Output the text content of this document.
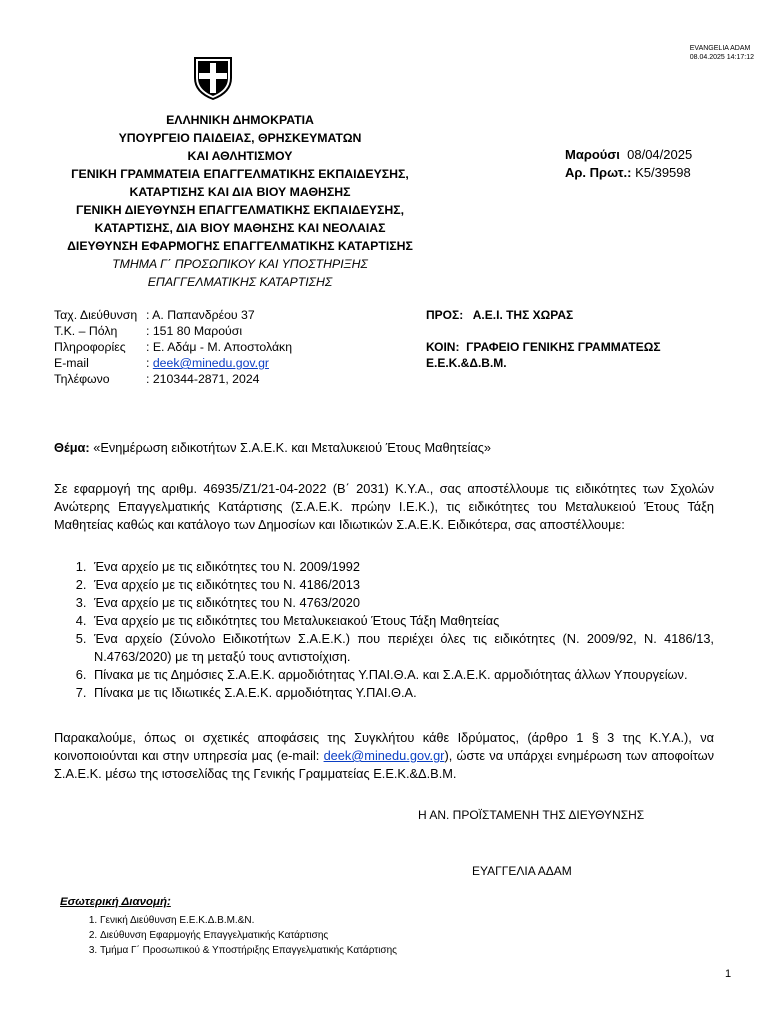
EVANGELIA ADAM
08.04.2025 14:17:12
ΕΛΛΗΝΙΚΗ ΔΗΜΟΚΡΑΤΙΑ
ΥΠΟΥΡΓΕΙΟ ΠΑΙΔΕΙΑΣ, ΘΡΗΣΚΕΥΜΑΤΩΝ
ΚΑΙ ΑΘΛΗΤΙΣΜΟΥ
ΓΕΝΙΚΗ ΓΡΑΜΜΑΤΕΙΑ ΕΠΑΓΓΕΛΜΑΤΙΚΗΣ ΕΚΠΑΙΔΕΥΣΗΣ,
ΚΑΤΑΡΤΙΣΗΣ ΚΑΙ ΔΙΑ ΒΙΟΥ ΜΑΘΗΣΗΣ
ΓΕΝΙΚΗ ΔΙΕΥΘΥΝΣΗ ΕΠΑΓΓΕΛΜΑΤΙΚΗΣ ΕΚΠΑΙΔΕΥΣΗΣ,
ΚΑΤΑΡΤΙΣΗΣ, ΔΙΑ ΒΙΟΥ ΜΑΘΗΣΗΣ ΚΑΙ ΝΕΟΛΑΙΑΣ
ΔΙΕΥΘΥΝΣΗ ΕΦΑΡΜΟΓΗΣ ΕΠΑΓΓΕΛΜΑΤΙΚΗΣ ΚΑΤΑΡΤΙΣΗΣ
ΤΜΗΜΑ Γ΄ ΠΡΟΣΩΠΙΚΟΥ ΚΑΙ ΥΠΟΣΤΗΡΙΞΗΣ
ΕΠΑΓΓΕΛΜΑΤΙΚΗΣ ΚΑΤΑΡΤΙΣΗΣ
Μαρούσι 08/04/2025
Αρ. Πρωτ.: Κ5/39598
Ταχ. Διεύθυνση : Α. Παπανδρέου 37
Τ.Κ. – Πόλη	: 151 80 Μαρούσι
Πληροφορίες	: Ε. Αδάμ - Μ. Αποστολάκη
E-mail	: deek@minedu.gov.gr
Τηλέφωνο	: 210344-2871, 2024
ΠΡΟΣ: Α.Ε.Ι. ΤΗΣ ΧΩΡΑΣ
ΚΟΙΝ: ΓΡΑΦΕΙΟ ΓΕΝΙΚΗΣ ΓΡΑΜΜΑΤΕΩΣ
Ε.Ε.Κ.&Δ.Β.Μ.
Θέμα: «Ενημέρωση ειδικοτήτων Σ.Α.Ε.Κ. και Μεταλυκειού Έτους Μαθητείας»
Σε εφαρμογή της αριθμ. 46935/Ζ1/21-04-2022 (Β΄ 2031) Κ.Υ.Α., σας αποστέλλουμε τις ειδικότητες των Σχολών Ανώτερης Επαγγελματικής Κατάρτισης (Σ.Α.Ε.Κ. πρώην Ι.Ε.Κ.), τις ειδικότητες του Μεταλυκειού Έτους Τάξη Μαθητείας καθώς και κατάλογο των Δημοσίων και Ιδιωτικών Σ.Α.Ε.Κ. Ειδικότερα, σας αποστέλλουμε:
1. Ένα αρχείο με τις ειδικότητες του Ν. 2009/1992
2. Ένα αρχείο με τις ειδικότητες του Ν. 4186/2013
3. Ένα αρχείο με τις ειδικότητες του Ν. 4763/2020
4. Ένα αρχείο με τις ειδικότητες του Μεταλυκειακού Έτους Τάξη Μαθητείας
5. Ένα αρχείο (Σύνολο Ειδικοτήτων Σ.Α.Ε.Κ.) που περιέχει όλες τις ειδικότητες (Ν. 2009/92, Ν. 4186/13, Ν.4763/2020) με τη μεταξύ τους αντιστοίχιση.
6. Πίνακα με τις Δημόσιες Σ.Α.Ε.Κ. αρμοδιότητας Υ.ΠΑΙ.Θ.Α. και Σ.Α.Ε.Κ. αρμοδιότητας άλλων Υπουργείων.
7. Πίνακα με τις Ιδιωτικές Σ.Α.Ε.Κ. αρμοδιότητας Υ.ΠΑΙ.Θ.Α.
Παρακαλούμε, όπως οι σχετικές αποφάσεις της Συγκλήτου κάθε Ιδρύματος, (άρθρο 1 § 3 της Κ.Υ.Α.), να κοινοποιούνται και στην υπηρεσία μας (e-mail: deek@minedu.gov.gr), ώστε να υπάρχει ενημέρωση των αποφοίτων Σ.Α.Ε.Κ. μέσω της ιστοσελίδας της Γενικής Γραμματείας Ε.Ε.Κ.&Δ.Β.Μ.
Η ΑΝ. ΠΡΟΪΣΤΑΜΕΝΗ ΤΗΣ ΔΙΕΥΘΥΝΣΗΣ
ΕΥΑΓΓΕΛΙΑ ΑΔΑΜ
Εσωτερική Διανομή:
1. Γενική Διεύθυνση Ε.Ε.Κ.Δ.Β.Μ.&Ν.
2. Διεύθυνση Εφαρμογής Επαγγελματικής Κατάρτισης
3. Τμήμα Γ΄ Προσωπικού & Υποστήριξης Επαγγελματικής Κατάρτισης
1
